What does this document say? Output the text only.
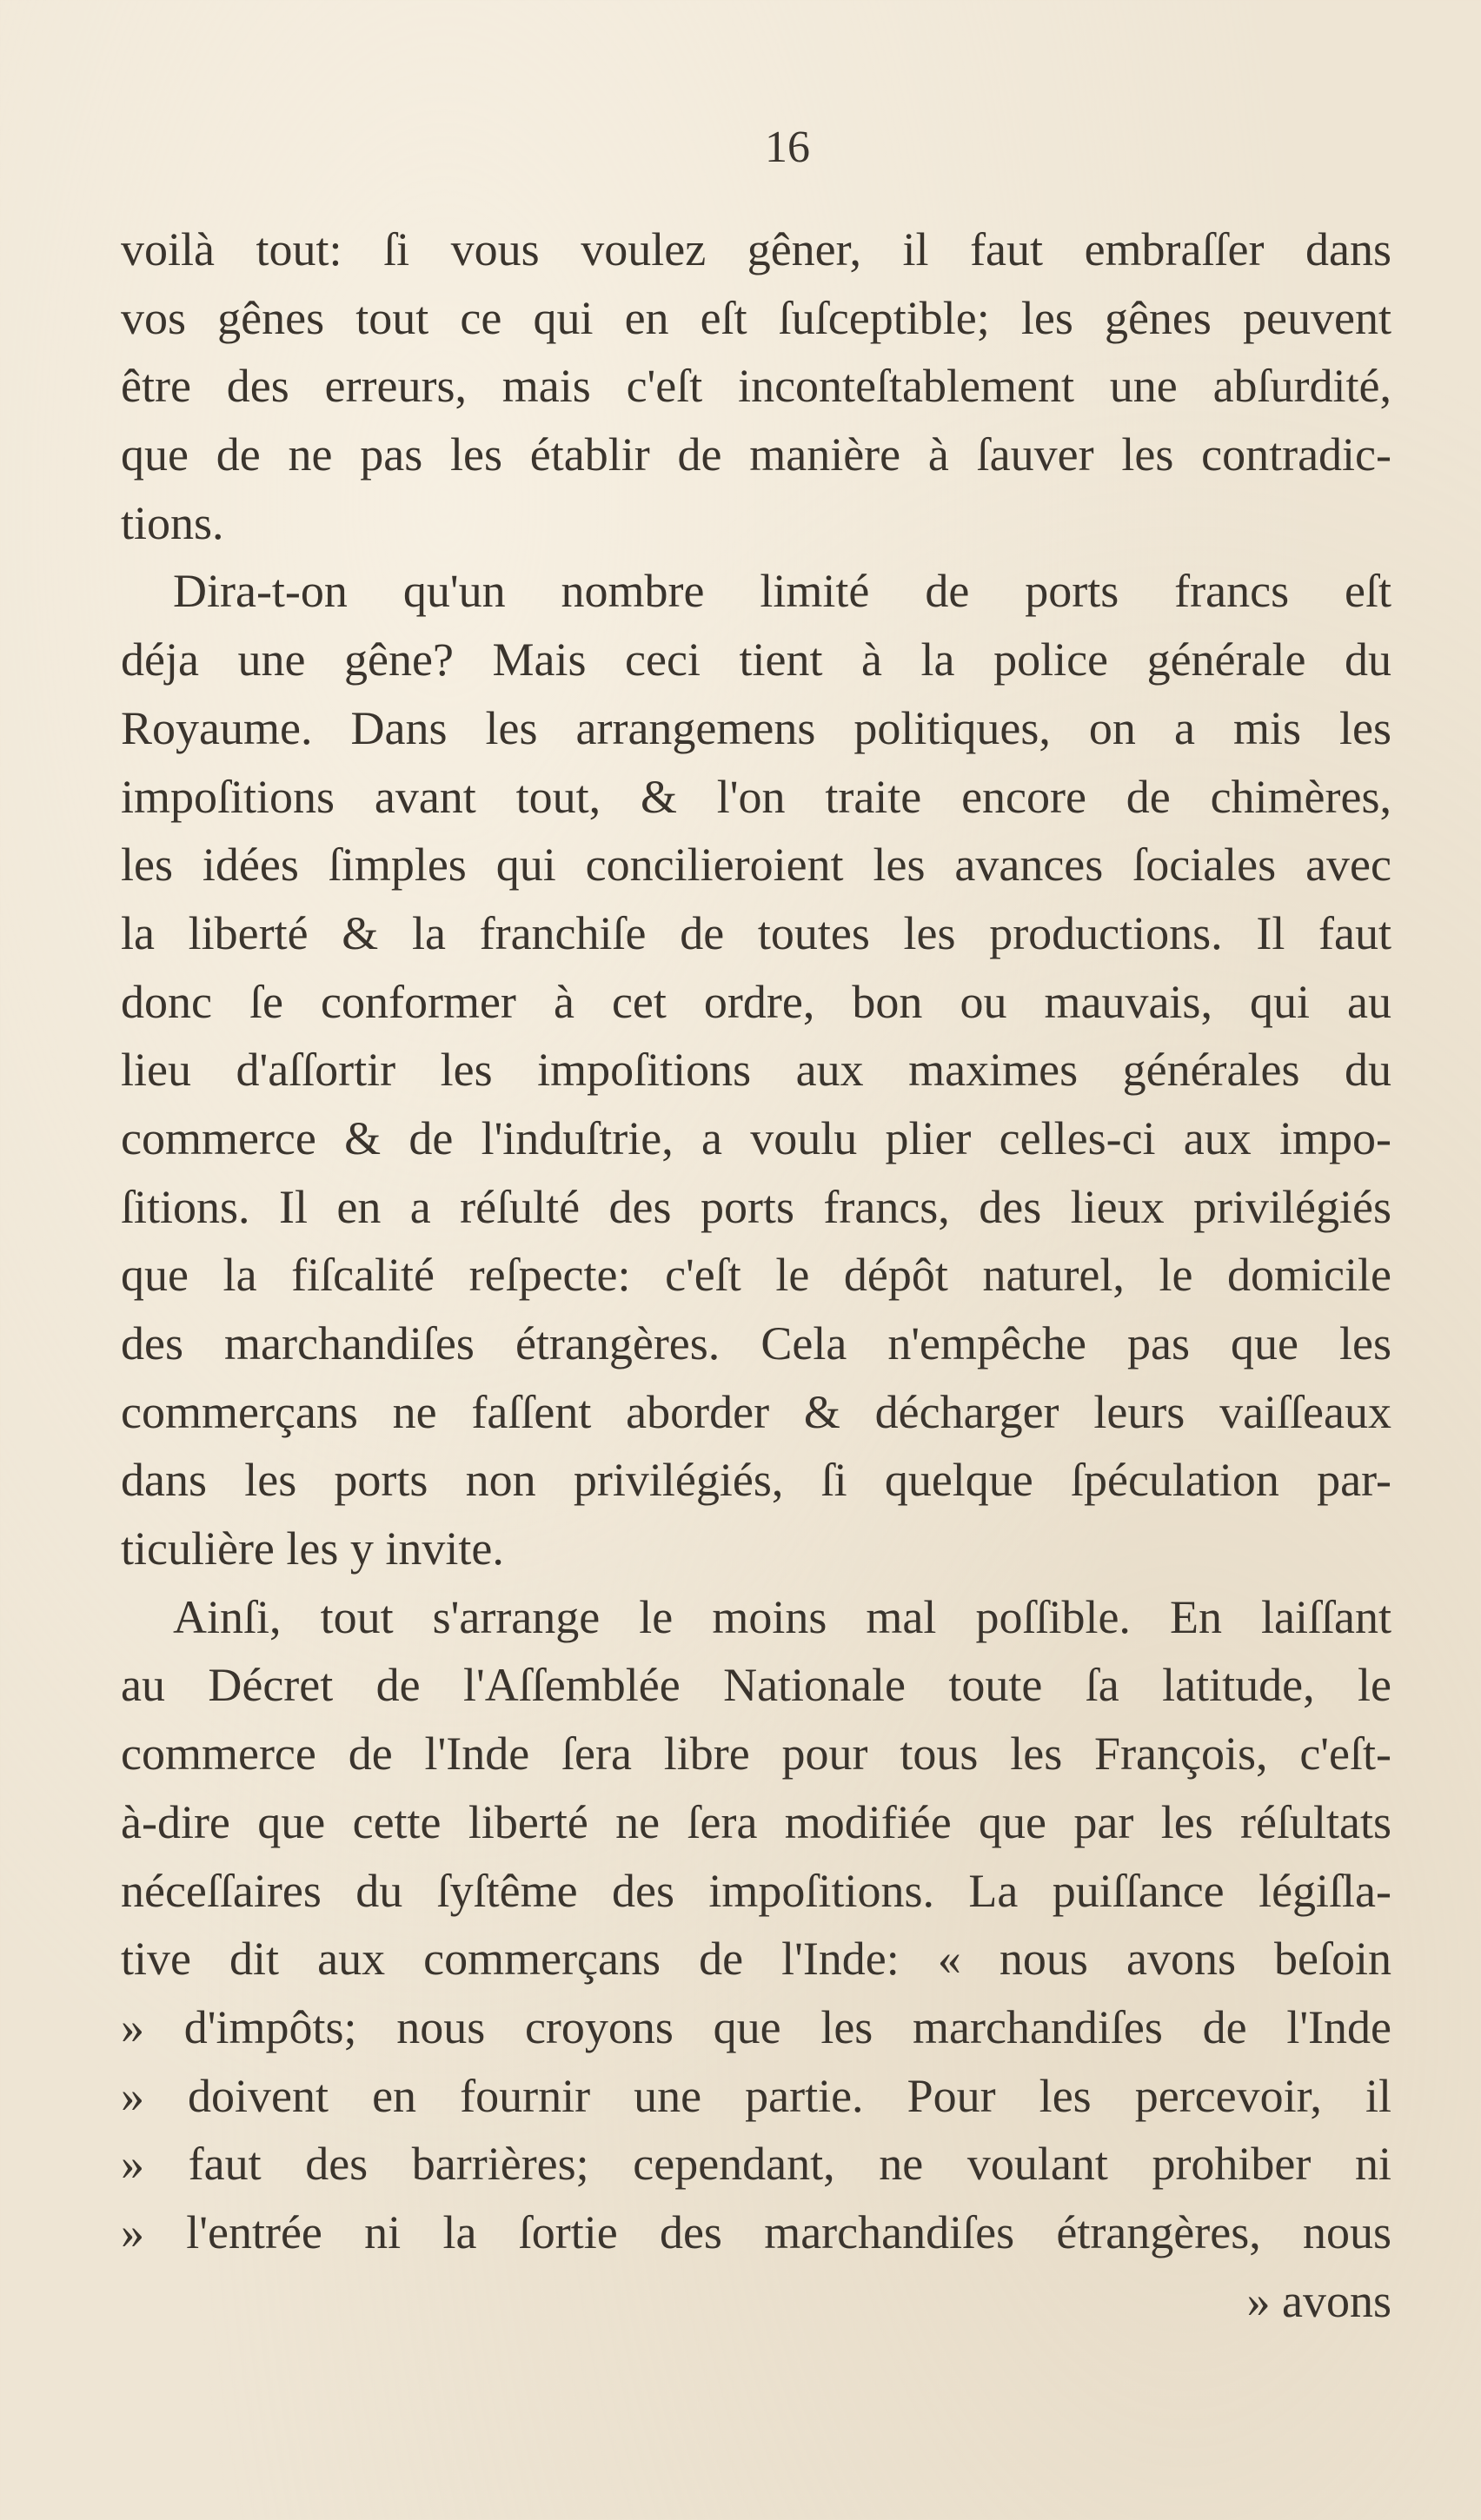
16
voilà tout: ſi vous voulez gêner, il faut embraſſer dans
vos gênes tout ce qui en eſt ſuſceptible; les gênes peuvent
être des erreurs, mais c'eſt inconteſtablement une abſurdité,
que de ne pas les établir de manière à ſauver les contradic-
tions.
Dira-t-on qu'un nombre limité de ports francs eſt
déja une gêne? Mais ceci tient à la police générale du
Royaume. Dans les arrangemens politiques, on a mis les
impoſitions avant tout, & l'on traite encore de chimères,
les idées ſimples qui concilieroient les avances ſociales avec
la liberté & la franchiſe de toutes les productions. Il faut
donc ſe conformer à cet ordre, bon ou mauvais, qui au
lieu d'aſſortir les impoſitions aux maximes générales du
commerce & de l'induſtrie, a voulu plier celles-ci aux impo-
ſitions. Il en a réſulté des ports francs, des lieux privilégiés
que la fiſcalité reſpecte: c'eſt le dépôt naturel, le domicile
des marchandiſes étrangères. Cela n'empêche pas que les
commerçans ne faſſent aborder & décharger leurs vaiſſeaux
dans les ports non privilégiés, ſi quelque ſpéculation par-
ticulière les y invite.
Ainſi, tout s'arrange le moins mal poſſible. En laiſſant
au Décret de l'Aſſemblée Nationale toute ſa latitude, le
commerce de l'Inde ſera libre pour tous les François, c'eſt-
à-dire que cette liberté ne ſera modifiée que par les réſultats
néceſſaires du ſyſtême des impoſitions. La puiſſance légiſla-
tive dit aux commerçans de l'Inde: « nous avons beſoin
» d'impôts; nous croyons que les marchandiſes de l'Inde
» doivent en fournir une partie. Pour les percevoir, il
» faut des barrières; cependant, ne voulant prohiber ni
» l'entrée ni la ſortie des marchandiſes étrangères, nous
» avons
